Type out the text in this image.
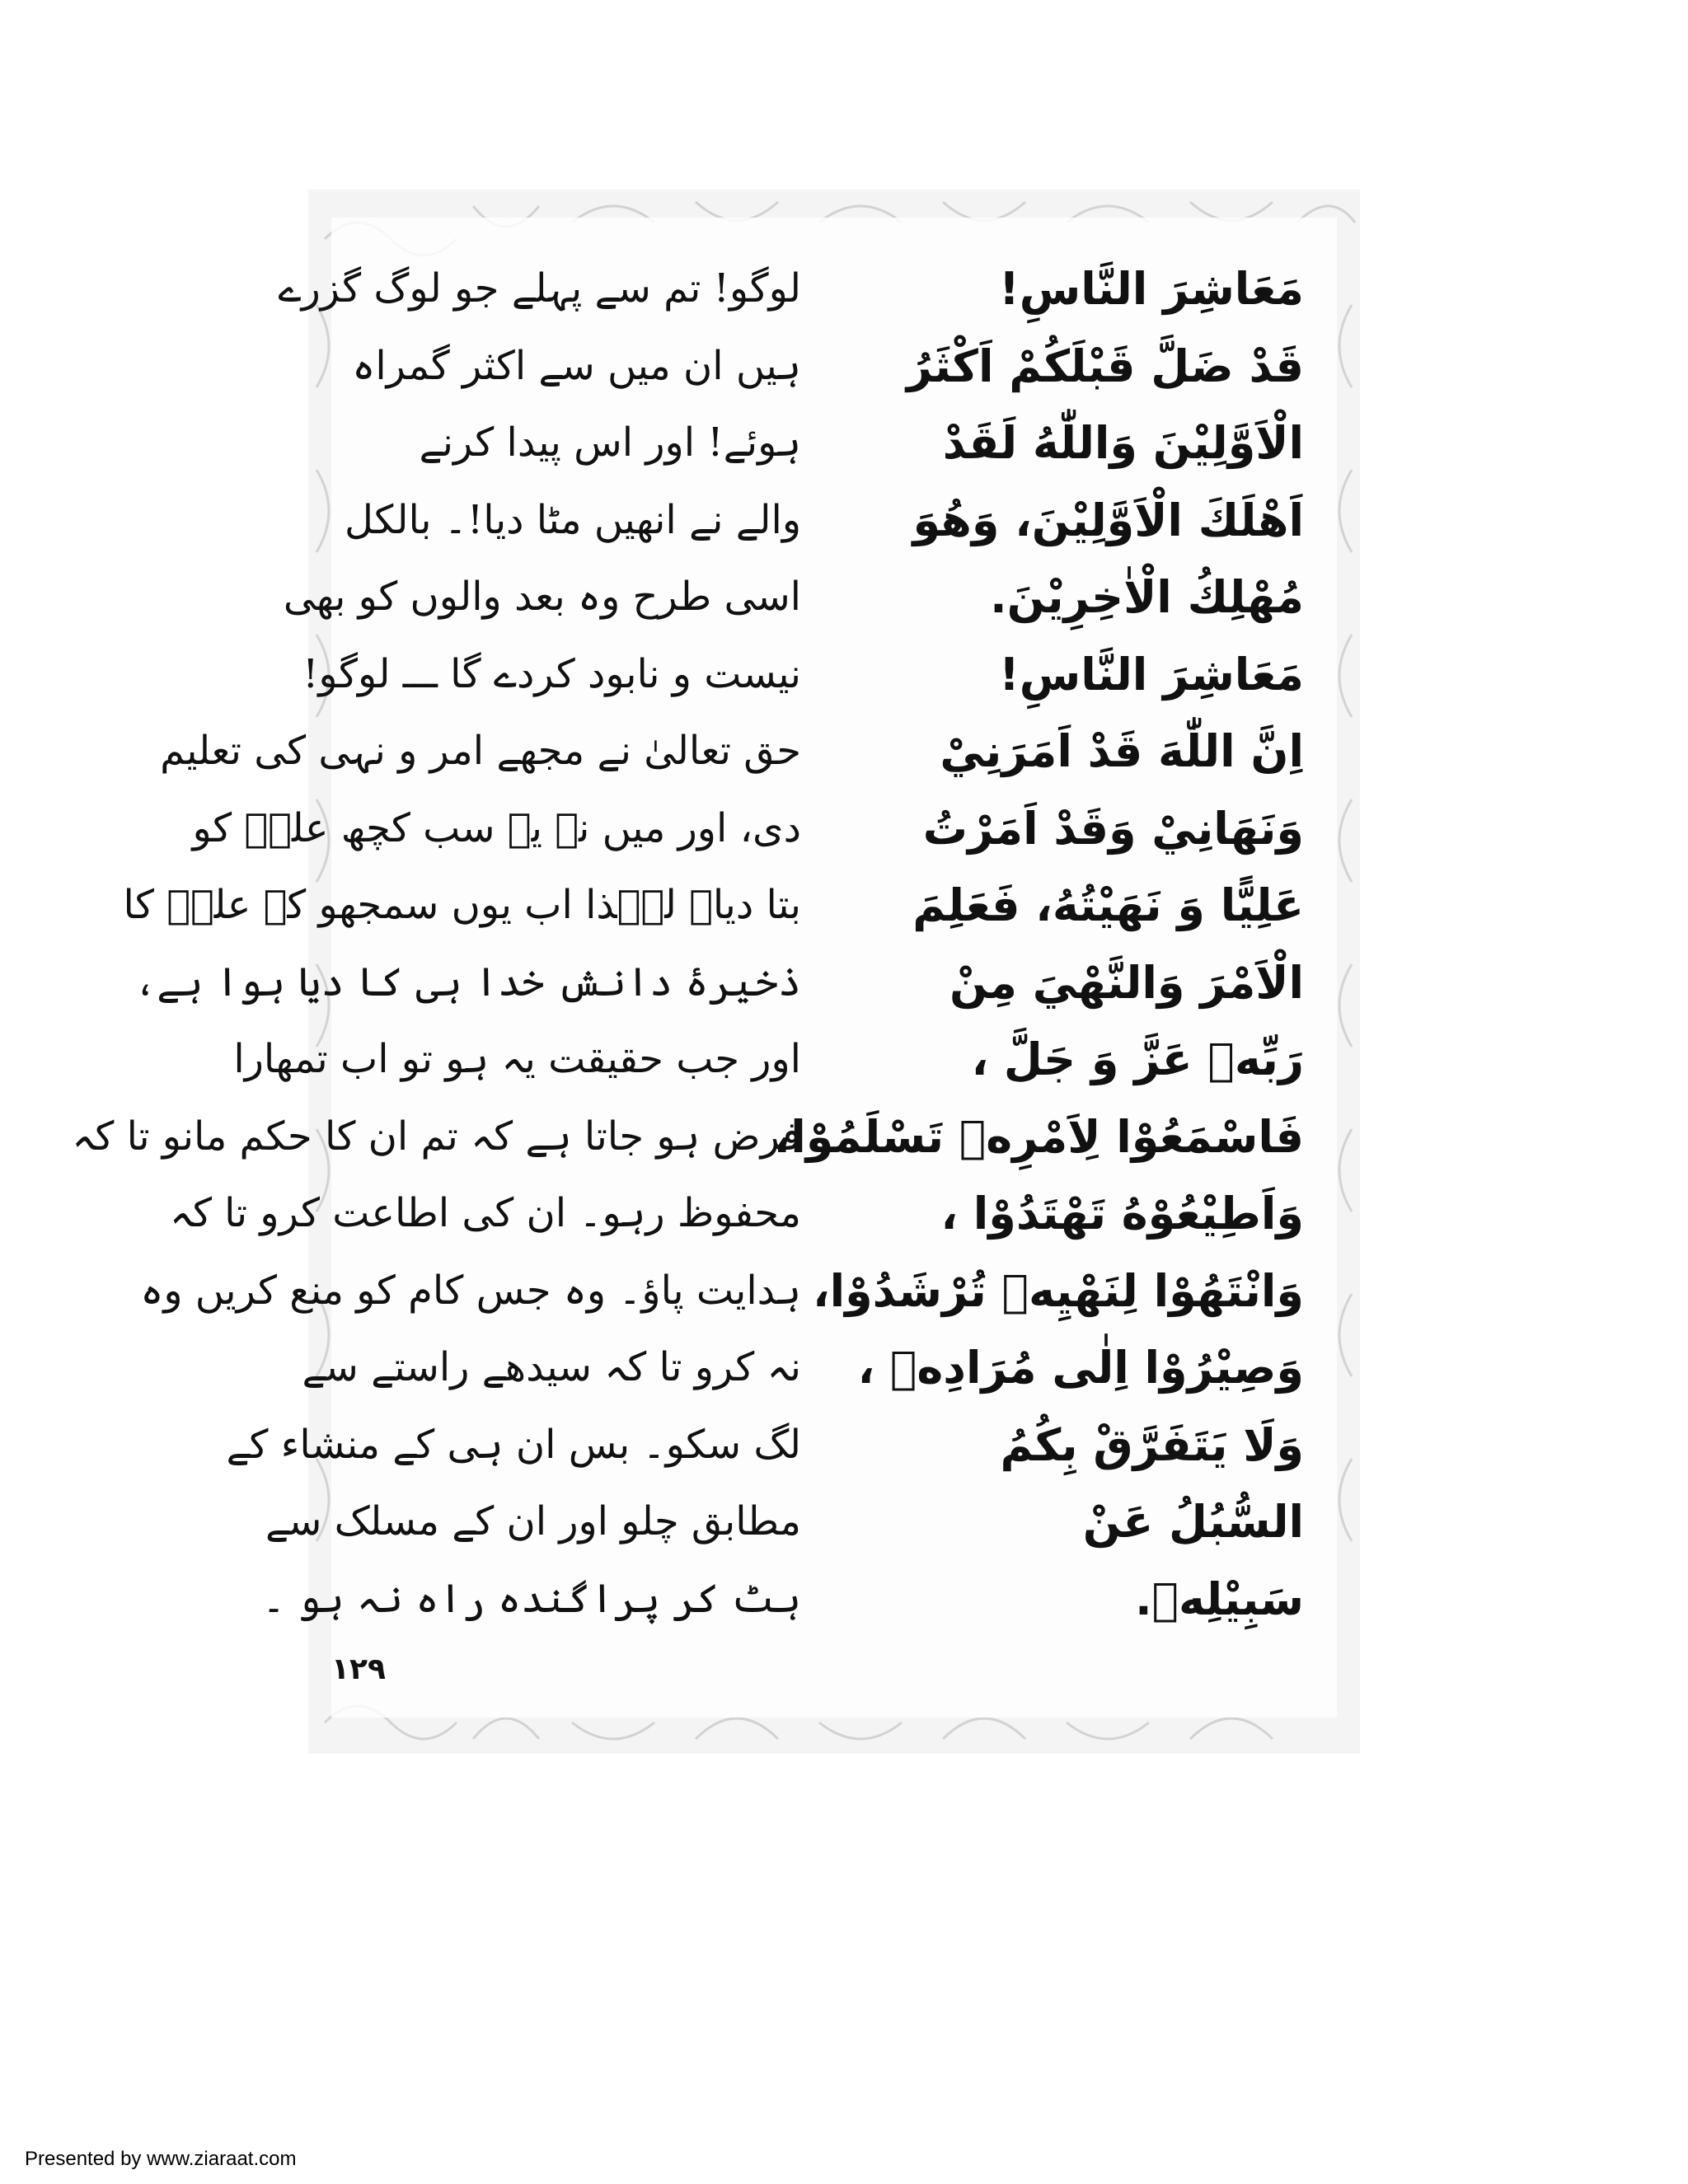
مَعَاشِرَ النَّاسِ!
قَدْ ضَلَّ قَبْلَكُمْ اَكْثَرُ
الْاَوَّلِيْنَ وَاللّٰهُ لَقَدْ
اَهْلَكَ الْاَوَّلِيْنَ، وَهُوَ
مُهْلِكُ الْاٰخِرِيْنَ.
مَعَاشِرَ النَّاسِ!
اِنَّ اللّٰهَ قَدْ اَمَرَنِيْ
وَنَهَانِيْ وَقَدْ اَمَرْتُ
عَلِيًّا وَ نَهَيْتُهُ، فَعَلِمَ
الْاَمْرَ وَالنَّهْيَ مِنْ
رَبِّهٖ عَزَّ وَ جَلَّ ،
فَاسْمَعُوْا لِاَمْرِهٖ تَسْلَمُوْا،
وَاَطِيْعُوْهُ تَهْتَدُوْا ،
وَانْتَهُوْا لِنَهْيِهٖ تُرْشَدُوْا،
وَصِيْرُوْا اِلٰى مُرَادِهٖ ،
وَلَا يَتَفَرَّقْ بِكُمُ
السُّبُلُ عَنْ
سَبِيْلِهٖ.
لوگو! تم سے پہلے جو لوگ گزرے
ہیں ان میں سے اکثر گمراہ
ہوئے! اور اس پیدا کرنے
والے نے انھیں مٹا دیا!۔ بالکل
اسی طرح وہ بعد والوں کو بھی
نیست و نابود کردے گا ـــ لوگو!
حق تعالیٰ نے مجھے امر و نہی کی تعلیم
دی، اور میں نے یہ سب کچھ علیؑ کو
بتا دیا۔ لہٰذا اب یوں سمجھو کہ علیؑ کا
ذخیرۂ دانش خدا ہی کا دیا ہوا ہے،
اور جب حقیقت یہ ہو تو اب تمھارا
فرض ہو جاتا ہے کہ تم ان کا حکم مانو تا کہ
محفوظ رہو۔ ان کی اطاعت کرو تا کہ
ہدایت پاؤ۔ وہ جس کام کو منع کریں وہ
نہ کرو تا کہ سیدھے راستے سے
لگ سکو۔ بس ان ہی کے منشاء کے
مطابق چلو اور ان کے مسلک سے
ہٹ کر پراگندہ راہ نہ ہو ۔
۱۲۹
Presented by www.ziaraat.com
